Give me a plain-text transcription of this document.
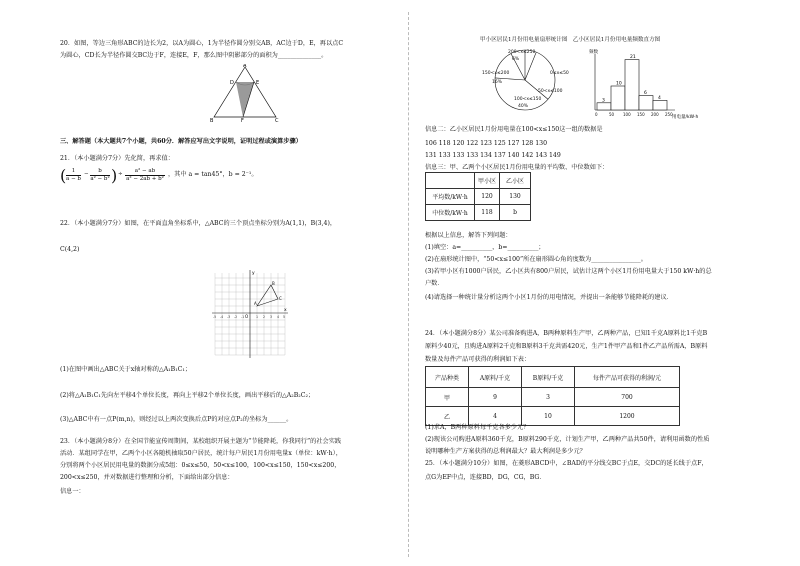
20．如图，等边三角形ABC的边长为2，以A为圆心，1为半径作圆分别交AB，AC边于D，E，再以点C
为圆心，CD长为半径作圆交BC边于F，连接E，F，那么图中阴影部分的面积为______________。
A
D	E
B	F	C
三、解答题（本大题共7个小题，共60分．解答应写出文字说明，证明过程或演算步骤）
21．（本小题满分7分）先化简，再求值：
(	1
a − b
−	b
a² − b² ) ÷	a² − ab
a² − 2ab + b²
，其中 a = tan45°，b = 2⁻¹。
22．（本小题满分7分）如图，在平面直角坐标系中，△ABC的三个顶点坐标分别为A(1,1)，B(3,4)，
C(4,2)
x
y
O
A
B
C
-5 -4 -3 -2 -1	1 2 3 4 5
(1)在图中画出△ABC关于x轴对称的△A₁B₁C₁；
(2)将△A₁B₁C₁先向左平移4个单位长度，再向上平移2个单位长度，画出平移后的△A₂B₂C₂；
(3)△ABC中有一点P(m,n)，则经过以上两次变换后点P的对应点P₂的坐标为______。
23．（本小题满分8分）在全国节能宣传周期间，某校组织开展主题为“节能降耗，你我同行”的社会实践
活动．某组同学在甲，乙两个小区各随机抽取50户居民，统计每户居民1月份用电量x（单位：kW·h），
分别将两个小区居民用电量的数据分成5组：0≤x≤50，50<x≤100，100<x≤150，150<x≤200，
200<x≤250，并对数据进行整理和分析，下面给出部分信息：
信息一：
甲小区居民1月份用电量扇形统计图 乙小区居民1月份用电量频数直方图
200<x≤250
6%
150<x≤200
16%
0≤x≤50
50<x≤100
100<x≤150
40%
频数
用电量/kW·h
3
10
21
6
4
0	50 100 150 200 250
信息二：乙小区居民1月份用电量在100<x≤150这一组的数据是
106 118 120 122 123 125 127 128 130
131 133 133 133 134 137 140 142 143 149
信息三：甲、乙两个小区居民1月份用电量的平均数、中位数如下：
	甲小区	乙小区
平均数/kW·h	120	130
中位数/kW·h	118	b
根据以上信息，解答下列问题：
(1)填空：a=__________，b=__________；
(2)在扇形统计图中，“50<x≤100”所在扇形圆心角的度数为________________。
(3)若甲小区有1000户居民，乙小区共有800户居民，试估计这两个小区1月份用电量大于150 kW·h的总
户数．
(4)请选择一种统计量分析这两个小区1月份的用电情况，并提出一条能够节能降耗的建议．
24．（本小题满分8分）某公司准备购进A，B两种原料生产甲，乙两种产品，已知1千克A原料比1千克B
原料少40元，且购进A原料2千克和B原料3千克共需420元，生产1件甲产品和1件乙产品所需A，B原料
数量及每件产品可获得的利润如下表：
产品种类	A原料/千克	B原料/千克	每件产品可获得的利润/元
甲	9	3	700
乙	4	10	1200
(1)求A，B两种原料每千克各多少元？
(2)现该公司购进A原料360千克，B原料290千克，计划生产甲，乙两种产品共50件，请利用函数的性质
说明哪种生产方案获得的总利润最大？最大利润是多少元？
25．（本小题满分10分）如图，在菱形ABCD中，∠BAD的平分线交BC于点E，交DC的延长线于点F，
点G为EF中点，连接BD，DG，CG，BG．
